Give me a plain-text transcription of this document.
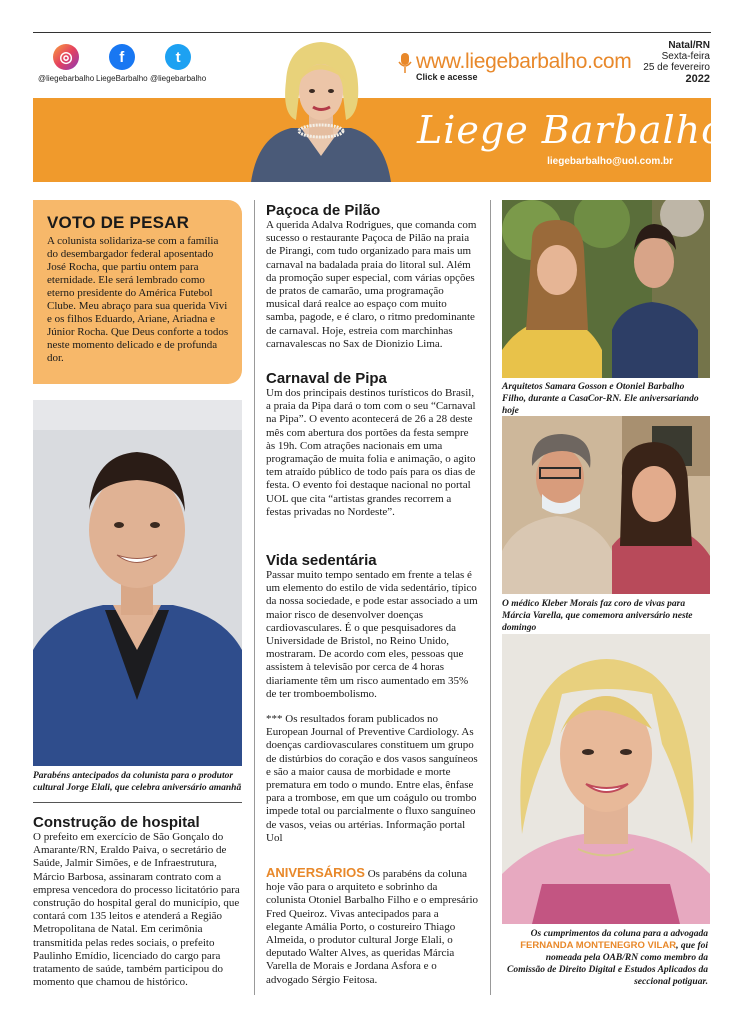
◎
@liegebarbalho
f
LiegeBarbalho
t
@liegebarbalho
www.liegebarbalho.com
Click e acesse
Natal/RN
Sexta-feira
25 de fevereiro
2022
Liege Barbalho
liegebarbalho@uol.com.br
VOTO DE PESAR

A colunista solidariza-se com a família do desembargador federal aposentado José Rocha, que partiu ontem para eternidade. Ele será lembrado como eterno presidente do América Futebol Clube. Meu abraço para sua querida Vivi e os filhos Eduardo, Ariane, Ariadna e Júnior Rocha. Que Deus conforte a todos neste momento delicado e de profunda dor.

Parabéns antecipados da colunista para o produtor cultural Jorge Elali, que celebra aniversário amanhã
Construção de hospital

O prefeito em exercício de São Gonçalo do Amarante/RN, Eraldo Paiva, o secretário de Saúde, Jalmir Simões, e de Infraestrutura, Márcio Barbosa, assinaram contrato com a empresa vencedora do processo licitatório para construção do hospital geral do município, que contará com 135 leitos e atenderá a Região Metropolitana de Natal. Em cerimônia transmitida pelas redes sociais, o prefeito Paulinho Emídio, licenciado do cargo para tratamento de saúde, também participou do momento que chamou de histórico.

Paçoca de Pilão

A querida Adalva Rodrigues, que comanda com sucesso o restaurante Paçoca de Pilão na praia de Pirangi, com tudo organizado para mais um carnaval na badalada praia do litoral sul. Além da promoção super especial, com várias opções de pratos de camarão, uma programação musical dará realce ao espaço com muito samba, pagode, e é claro, o ritmo predominante de carnaval. Hoje, estreia com marchinhas carnavalescas no Sax de Dionizio Lima.

Carnaval de Pipa

Um dos principais destinos turísticos do Brasil, a praia da Pipa dará o tom com o seu “Carnaval na Pipa”. O evento acontecerá de 26 a 28 deste mês com abertura dos portões da festa sempre às 19h. Com atrações nacionais em uma programação de muita folia e animação, o agito tem atraído público de todo país para os dias de festa. O evento foi destaque nacional no portal UOL que cita “artistas grandes recorrem a festas privadas no Nordeste”.

Vida sedentária

Passar muito tempo sentado em frente a telas é um elemento do estilo de vida sedentário, típico da nossa sociedade, e pode estar associado a um maior risco de desenvolver doenças cardiovasculares. É o que pesquisadores da Universidade de Bristol, no Reino Unido, mostraram. De acordo com eles, pessoas que assistem à televisão por cerca de 4 horas diariamente têm um risco aumentado em 35% de ter tromboembolismo.

*** Os resultados foram publicados no European Journal of Preventive Cardiology. As doenças cardiovasculares constituem um grupo de distúrbios do coração e dos vasos sanguíneos e são a maior causa de morbidade e morte prematura em todo o mundo. Entre elas, ênfase para a trombose, em que um coágulo ou trombo impede total ou parcialmente o fluxo sanguíneo de vasos, veias ou artérias. Informação portal Uol

ANIVERSÁRIOS Os parabéns da coluna hoje vão para o arquiteto e sobrinho da colunista Otoniel Barbalho Filho e o empresário Fred Queiroz. Vivas antecipados para a elegante Amália Porto, o costureiro Thiago Almeida, o produtor cultural Jorge Elali, o deputado Walter Alves, as queridas Márcia Varella de Morais e Jordana Asfora e o advogado Sérgio Feitosa.

Arquitetos Samara Gosson e Otoniel Barbalho Filho, durante a CasaCor-RN. Ele aniversariando hoje
O médico Kleber Morais faz coro de vivas para Márcia Varella, que comemora aniversário neste domingo
Os cumprimentos da coluna para a advogada FERNANDA MONTENEGRO VILAR, que foi nomeada pela OAB/RN como membro da Comissão de Direito Digital e Estudos Aplicados da seccional potiguar.
